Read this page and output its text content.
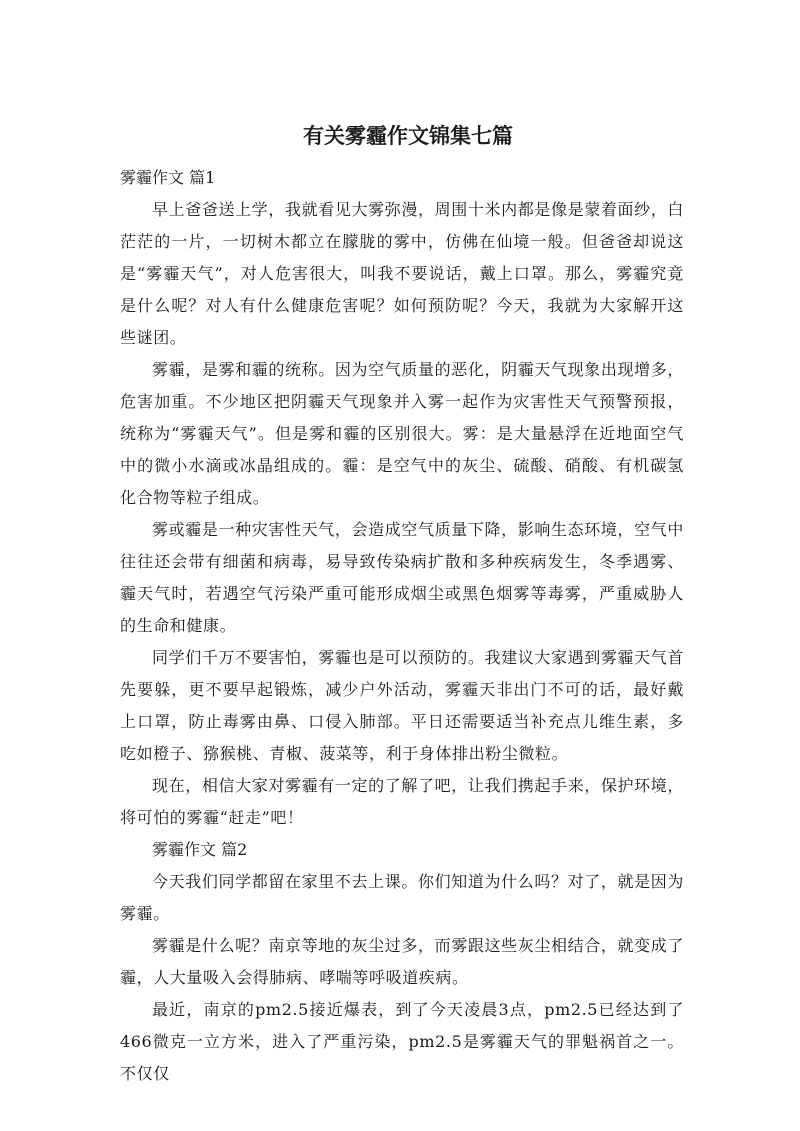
有关雾霾作文锦集七篇

雾霾作文 篇1

早上爸爸送上学，我就看见大雾弥漫，周围十米内都是像是蒙着面纱，白茫茫的一片，一切树木都立在朦胧的雾中，仿佛在仙境一般。但爸爸却说这是“雾霾天气”，对人危害很大，叫我不要说话，戴上口罩。那么，雾霾究竟是什么呢？对人有什么健康危害呢？如何预防呢？今天，我就为大家解开这些谜团。

雾霾，是雾和霾的统称。因为空气质量的恶化，阴霾天气现象出现增多，危害加重。不少地区把阴霾天气现象并入雾一起作为灾害性天气预警预报，统称为“雾霾天气”。但是雾和霾的区别很大。雾：是大量悬浮在近地面空气中的微小水滴或冰晶组成的。霾：是空气中的灰尘、硫酸、硝酸、有机碳氢化合物等粒子组成。

雾或霾是一种灾害性天气，会造成空气质量下降，影响生态环境，空气中往往还会带有细菌和病毒，易导致传染病扩散和多种疾病发生，冬季遇雾、霾天气时，若遇空气污染严重可能形成烟尘或黑色烟雾等毒雾，严重威胁人的生命和健康。

同学们千万不要害怕，雾霾也是可以预防的。我建议大家遇到雾霾天气首先要躲，更不要早起锻炼，减少户外活动，雾霾天非出门不可的话，最好戴上口罩，防止毒雾由鼻、口侵入肺部。平日还需要适当补充点儿维生素，多吃如橙子、猕猴桃、青椒、菠菜等，利于身体排出粉尘微粒。

现在，相信大家对雾霾有一定的了解了吧，让我们携起手来，保护环境，将可怕的雾霾“赶走”吧！

雾霾作文 篇2

今天我们同学都留在家里不去上课。你们知道为什么吗？对了，就是因为雾霾。

雾霾是什么呢？南京等地的灰尘过多，而雾跟这些灰尘相结合，就变成了霾，人大量吸入会得肺病、哮喘等呼吸道疾病。

最近，南京的pm2.5接近爆表，到了今天凌晨3点，pm2.5已经达到了466微克一立方米，进入了严重污染，pm2.5是雾霾天气的罪魁祸首之一。不仅仅
